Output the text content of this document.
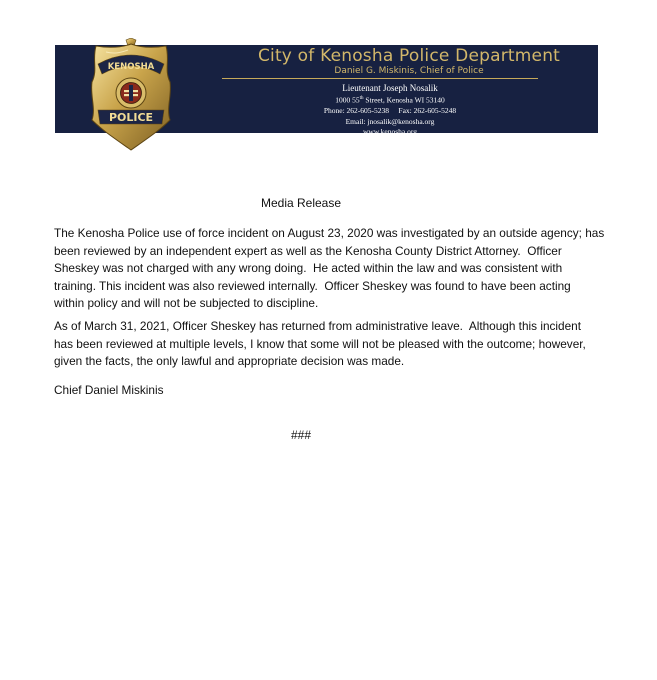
City of Kenosha Police Department
Daniel G. Miskinis, Chief of Police
Lieutenant Joseph Nosalik
1000 55th Street, Kenosha WI 53140
Phone: 262-605-5238     Fax: 262-605-5248
Email: jnosalik@kenosha.org
www.kenosha.org
KENOSHA
POLICE
Media Release
The Kenosha Police use of force incident on August 23, 2020 was investigated by an outside agency; has
been reviewed by an independent expert as well as the Kenosha County District Attorney.  Officer
Sheskey was not charged with any wrong doing.  He acted within the law and was consistent with
training. This incident was also reviewed internally.  Officer Sheskey was found to have been acting
within policy and will not be subjected to discipline.
As of March 31, 2021, Officer Sheskey has returned from administrative leave.  Although this incident
has been reviewed at multiple levels, I know that some will not be pleased with the outcome; however,
given the facts, the only lawful and appropriate decision was made.
Chief Daniel Miskinis
###
